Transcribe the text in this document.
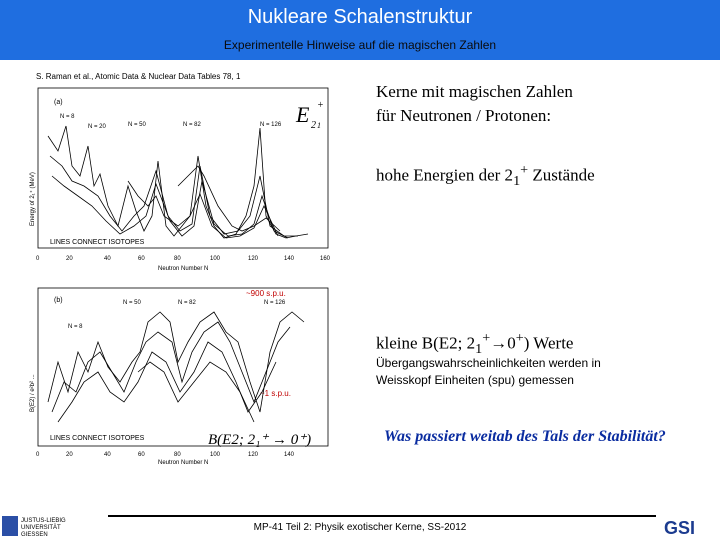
Nukleare Schalenstruktur
Experimentelle Hinweise auf die magischen Zahlen
S. Raman et al., Atomic Data & Nuclear Data Tables 78, 1
(a)
N = 8
N = 20	N = 50	N = 82	N = 126 E 2
+
1
LINES CONNECT ISOTOPES
0	20	40	60	80	100	120	140	160
Neutron Number N
Energy of 2₁⁺ (MeV)
(b)
~900 s.p.u.
~1 s.p.u.
N = 8
N = 50	N = 82	N = 126
LINES CONNECT ISOTOPES	B(E2; 2₁⁺ → 0⁺)
0	20	40	60	80	100	120	140
Neutron Number N
B(E2) / e²b² ...
Kerne mit magischen Zahlen
für Neutronen / Protonen:
hohe Energien der $2_1^+$ Zustände
kleine B(E2; $2_1^+\to 0^+$) Werte
Übergangswahrscheinlichkeiten werden in
Weisskopf Einheiten (spu) gemessen
Was passiert weitab des Tals der Stabilität?
JUSTUS-LIEBIG
UNIVERSITÄT
GIESSEN
MP-41 Teil 2: Physik exotischer Kerne, SS-2012	GSI
